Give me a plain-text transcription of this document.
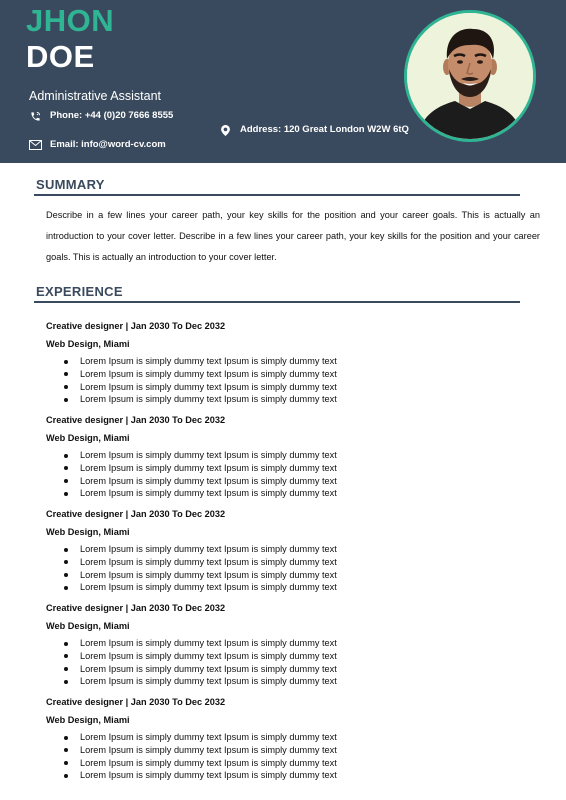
JHON
DOE
Administrative Assistant
Phone: +44 (0)20 7666 8555
Address: 120 Great London W2W 6tQ
Email: info@word-cv.com
SUMMARY

Describe in a few lines your career path, your key skills for the position and your career goals. This is actually an introduction to your cover letter. Describe in a few lines your career path, your key skills for the position and your career goals. This is actually an introduction to your cover letter.

EXPERIENCE
Creative designer | Jan 2030 To Dec 2032
Web Design, Miami
Lorem Ipsum is simply dummy text Ipsum is simply dummy text
Lorem Ipsum is simply dummy text Ipsum is simply dummy text
Lorem Ipsum is simply dummy text Ipsum is simply dummy text
Lorem Ipsum is simply dummy text Ipsum is simply dummy text
Creative designer | Jan 2030 To Dec 2032
Web Design, Miami
Lorem Ipsum is simply dummy text Ipsum is simply dummy text
Lorem Ipsum is simply dummy text Ipsum is simply dummy text
Lorem Ipsum is simply dummy text Ipsum is simply dummy text
Lorem Ipsum is simply dummy text Ipsum is simply dummy text
Creative designer | Jan 2030 To Dec 2032
Web Design, Miami
Lorem Ipsum is simply dummy text Ipsum is simply dummy text
Lorem Ipsum is simply dummy text Ipsum is simply dummy text
Lorem Ipsum is simply dummy text Ipsum is simply dummy text
Lorem Ipsum is simply dummy text Ipsum is simply dummy text
Creative designer | Jan 2030 To Dec 2032
Web Design, Miami
Lorem Ipsum is simply dummy text Ipsum is simply dummy text
Lorem Ipsum is simply dummy text Ipsum is simply dummy text
Lorem Ipsum is simply dummy text Ipsum is simply dummy text
Lorem Ipsum is simply dummy text Ipsum is simply dummy text
Creative designer | Jan 2030 To Dec 2032
Web Design, Miami
Lorem Ipsum is simply dummy text Ipsum is simply dummy text
Lorem Ipsum is simply dummy text Ipsum is simply dummy text
Lorem Ipsum is simply dummy text Ipsum is simply dummy text
Lorem Ipsum is simply dummy text Ipsum is simply dummy text
